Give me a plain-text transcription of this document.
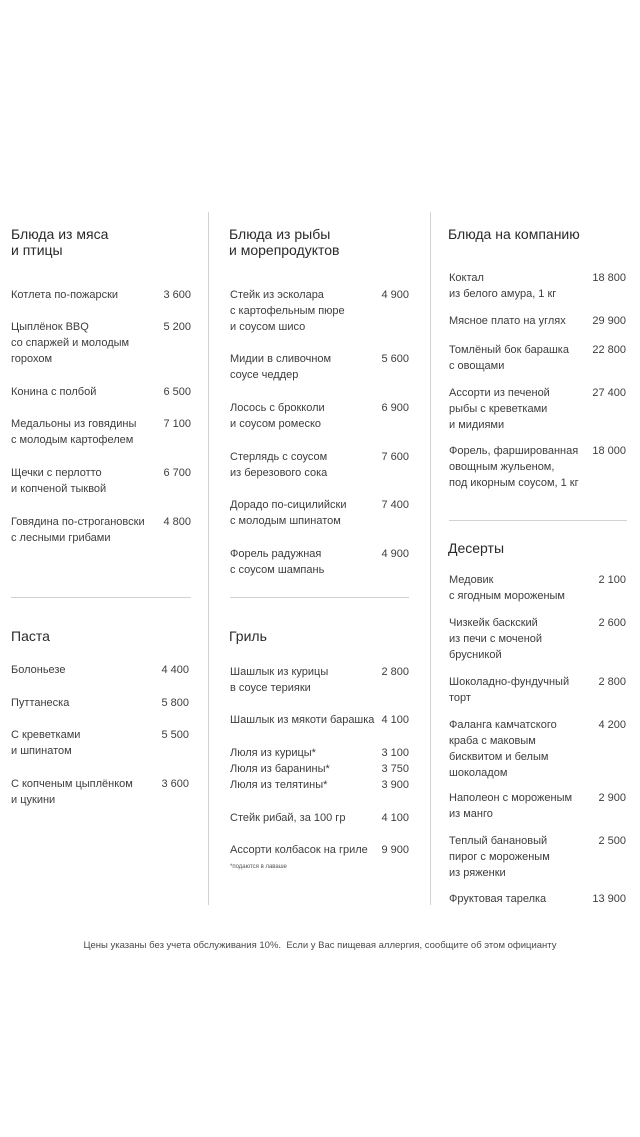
Блюда из мяса
и птицы

Котлета по-пожарски	3 600

Цыплёнок BBQ
со спаржей и молодым
горохом

5 200

Конина с полбой	6 500

Медальоны из говядины
с молодым картофелем

7 100

Щечки с перлотто
и копченой тыквой

6 700

Говядина по-строгановски
с лесными грибами

4 800
Паста

Болоньезе	4 400

Путтанеска	5 800

С креветками
и шпинатом

5 500

С копченым цыплёнком
и цукини

3 600
Блюда из рыбы
и морепродуктов

Стейк из эсколара
с картофельным пюре
и соусом шисо

4 900

Мидии в сливочном
соусе чеддер

5 600

Лосось с брокколи
и соусом ромеско

6 900

Стерлядь с соусом
из березового сока

7 600

Дорадо по-сицилийски
с молодым шпинатом

7 400

Форель радужная
с соусом шампань

4 900
Гриль

Шашлык из курицы
в соусе терияки

2 800

Шашлык из мякоти барашка 4 100

Люля из курицы*	3 100

Люля из баранины*	3 750

Люля из телятины*	3 900

Стейк рибай, за 100 гр	4 100

Ассорти колбасок на гриле 9 900
*подаются в лаваше
Блюда на компанию

Коктал
из белого амура, 1 кг

18 800

Мясное плато на углях 29 900

Томлёный бок барашка
с овощами

22 800

Ассорти из печеной
рыбы с креветками
и мидиями

27 400

Форель, фаршированная
овощным жульеном,
под икорным соусом, 1 кг

18 000
Десерты

Медовик
с ягодным мороженым

2 100

Чизкейк баскский
из печи с моченой
брусникой

2 600

Шоколадно-фундучный
торт

2 800

Фаланга камчатского
краба с маковым
бисквитом и белым
шоколадом

4 200

Наполеон с мороженым
из манго

2 900

Теплый банановый
пирог с мороженым
из ряженки

2 500

Фруктовая тарелка	13 900
Цены указаны без учета обслуживания 10%.  Если у Вас пищевая аллергия, сообщите об этом официанту
